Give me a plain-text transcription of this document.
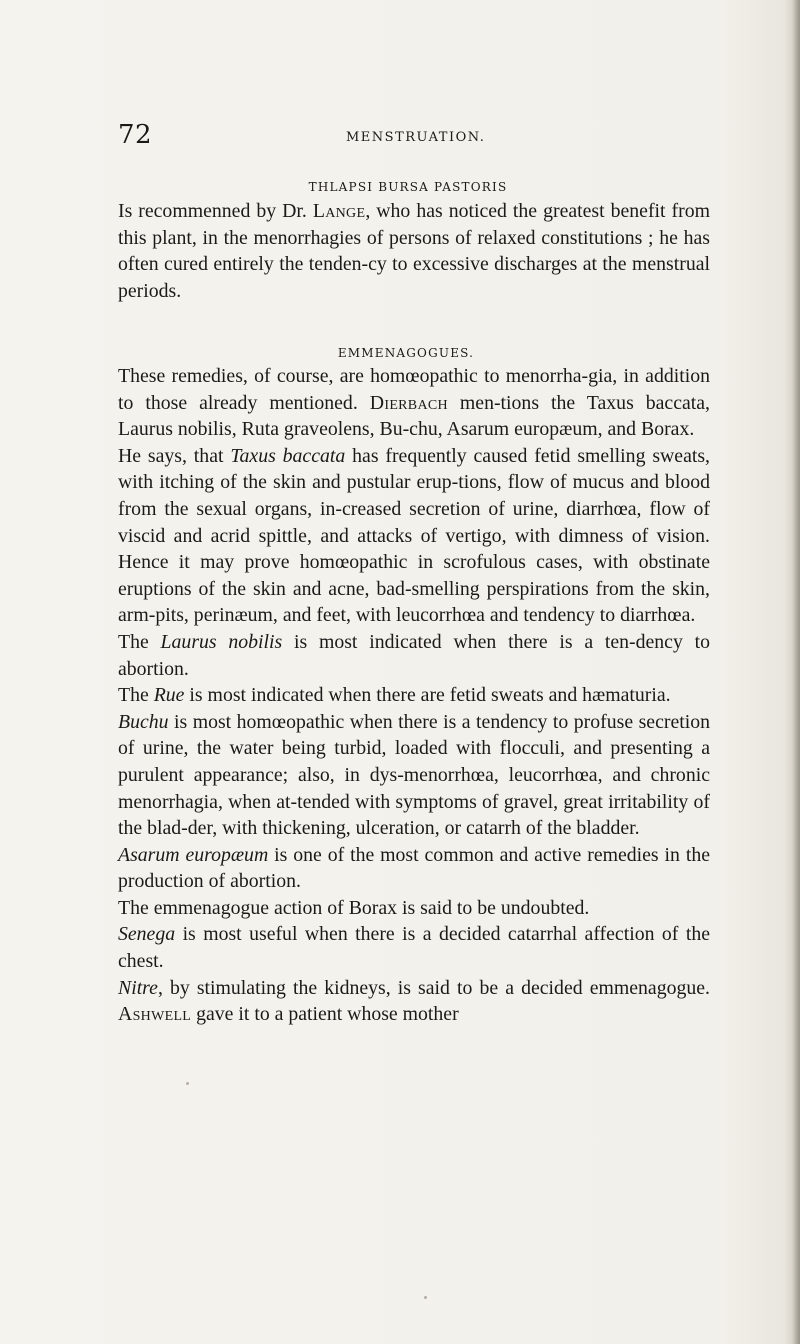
72	MENSTRUATION.
THLAPSI BURSA PASTORIS

Is recommenned by Dr. Lange, who has noticed the greatest benefit from this plant, in the menorrhagies of persons of relaxed constitutions ; he has often cured entirely the tenden-cy to excessive discharges at the menstrual periods.

EMMENAGOGUES.

These remedies, of course, are homœopathic to menorrha-gia, in addition to those already mentioned. Dierbach men-tions the Taxus baccata, Laurus nobilis, Ruta graveolens, Bu-chu, Asarum europæum, and Borax.

He says, that Taxus baccata has frequently caused fetid smelling sweats, with itching of the skin and pustular erup-tions, flow of mucus and blood from the sexual organs, in-creased secretion of urine, diarrhœa, flow of viscid and acrid spittle, and attacks of vertigo, with dimness of vision. Hence it may prove homœopathic in scrofulous cases, with obstinate eruptions of the skin and acne, bad-smelling perspirations from the skin, arm-pits, perinæum, and feet, with leucorrhœa and tendency to diarrhœa.

The Laurus nobilis is most indicated when there is a ten-dency to abortion.

The Rue is most indicated when there are fetid sweats and hæmaturia.

Buchu is most homœopathic when there is a tendency to profuse secretion of urine, the water being turbid, loaded with flocculi, and presenting a purulent appearance; also, in dys-menorrhœa, leucorrhœa, and chronic menorrhagia, when at-tended with symptoms of gravel, great irritability of the blad-der, with thickening, ulceration, or catarrh of the bladder.

Asarum europæum is one of the most common and active remedies in the production of abortion.

The emmenagogue action of Borax is said to be undoubted.

Senega is most useful when there is a decided catarrhal affection of the chest.

Nitre, by stimulating the kidneys, is said to be a decided emmenagogue. Ashwell gave it to a patient whose mother
